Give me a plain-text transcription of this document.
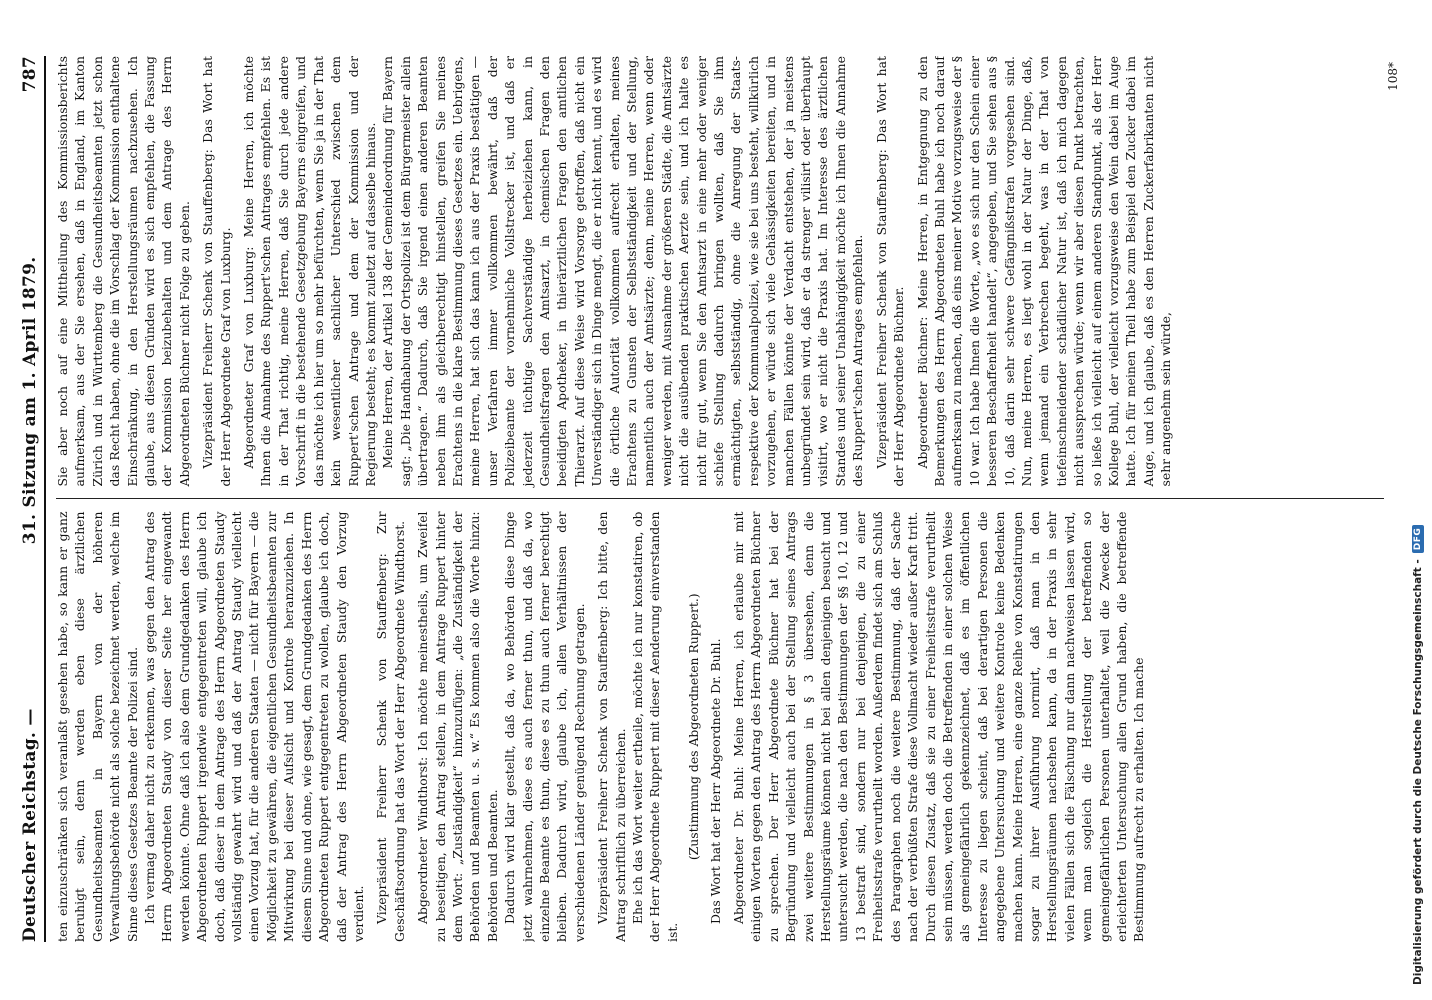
Deutscher Reichstag. —
31. Sitzung am 1. April 1879.
787

ten einzuschränken sich veranlaßt gesehen habe, so kann er ganz beruhigt sein, denn werden eben diese ärztlichen Gesundheitsbeamten in Bayern von der höheren Verwaltungsbehörde nicht als solche bezeichnet werden, welche im Sinne dieses Gesetzes Beamte der Polizei sind. Ich vermag daher nicht zu erkennen, was gegen den Antrag des Herrn Abgeordneten Staudy von dieser Seite her eingewandt werden könnte. Ohne daß ich also dem Grundgedanken des Herrn Abgeordneten Ruppert irgendwie entgegentreten will, glaube ich doch, daß dieser in dem Antrage des Herrn Abgeordneten Staudy vollständig gewahrt wird und daß der Antrag Staudy vielleicht einen Vorzug hat, für die anderen Staaten — nicht für Bayern — die Möglichkeit zu gewähren, die eigentlichen Gesundheitsbeamten zur Mitwirkung bei dieser Aufsicht und Kontrole heranzuziehen. In diesem Sinne und ohne, wie gesagt, dem Grundgedanken des Herrn Abgeordneten Ruppert entgegentreten zu wollen, glaube ich doch, daß der Antrag des Herrn Abgeordneten Staudy den Vorzug verdient. Vizepräsident Freiherr Schenk von Stauffenberg: Zur Geschäftsordnung hat das Wort der Herr Abgeordnete Windthorst. Abgeordneter Windthorst: Ich möchte meinestheils, um Zweifel zu beseitigen, den Antrag stellen, in dem Antrage Ruppert hinter dem Wort: „Zuständigkeit“ hinzuzufügen: „die Zuständigkeit der Behörden und Beamten u. s. w.“ Es kommen also die Worte hinzu: Behörden und Beamten. Dadurch wird klar gestellt, daß da, wo Behörden diese Dinge jetzt wahrnehmen, diese es auch ferner thun, und daß da, wo einzelne Beamte es thun, diese es zu thun auch ferner berechtigt bleiben. Dadurch wird, glaube ich, allen Verhältnissen der verschiedenen Länder genügend Rechnung getragen. Vizepräsident Freiherr Schenk von Stauffenberg: Ich bitte, den Antrag schriftlich zu überreichen. Ehe ich das Wort weiter ertheile, möchte ich nur konstatiren, ob der Herr Abgeordnete Ruppert mit dieser Aenderung einverstanden ist.

(Zustimmung des Abgeordneten Ruppert.) Das Wort hat der Herr Abgeordnete Dr. Buhl. Abgeordneter Dr. Buhl: Meine Herren, ich erlaube mir mit einigen Worten gegen den Antrag des Herrn Abgeordneten Büchner zu sprechen. Der Herr Abgeordnete Büchner hat bei der Begründung und vielleicht auch bei der Stellung seines Antrags zwei weitere Bestimmungen in § 3 übersehen, denn die Herstellungsräume können nicht bei allen denjenigen besucht und untersucht werden, die nach den Bestimmungen der §§ 10, 12 und 13 bestraft sind, sondern nur bei denjenigen, die zu einer Freiheitsstrafe verurtheilt worden. Außerdem findet sich am Schluß des Paragraphen noch die weitere Bestimmung, daß der Sache nach der verbüßten Strafe diese Vollmacht wieder außer Kraft tritt. Durch diesen Zusatz, daß sie zu einer Freiheitsstrafe verurtheilt sein müssen, werden doch die Betreffenden in einer solchen Weise als gemeingefährlich gekennzeichnet, daß es im öffentlichen Interesse zu liegen scheint, daß bei derartigen Personen die angegebene Untersuchung und weitere Kontrole keine Bedenken machen kann. Meine Herren, eine ganze Reihe von Konstatirungen sogar zu ihrer Ausführung normirt, daß man in den Herstellungsräumen nachsehen kann, da in der Praxis in sehr vielen Fällen sich die Fälschung nur dann nachweisen lassen wird, wenn man sogleich die Herstellung der betreffenden so gemeingefährlichen Personen unterhaltet, weil die Zwecke der erleichterten Untersuchung allen Grund haben, die betreffende Bestimmung aufrecht zu erhalten. Ich mache

Sie aber noch auf eine Mittheilung des Kommissionsberichts aufmerksam, aus der Sie ersehen, daß in England, im Kanton Zürich und in Württemberg die Gesundheitsbeamten jetzt schon das Recht haben, ohne die im Vorschlag der Kommission enthaltene Einschränkung, in den Herstellungsräumen nachzusehen. Ich glaube, aus diesen Gründen wird es sich empfehlen, die Fassung der Kommission beizubehalten und dem Antrage des Herrn Abgeordneten Büchner nicht Folge zu geben. Vizepräsident Freiherr Schenk von Stauffenberg: Das Wort hat der Herr Abgeordnete Graf von Luxburg. Abgeordneter Graf von Luxburg: Meine Herren, ich möchte Ihnen die Annahme des Ruppert'schen Antrages empfehlen. Es ist in der That richtig, meine Herren, daß Sie durch jede andere Vorschrift in die bestehende Gesetzgebung Bayerns eingreifen, und das möchte ich hier um so mehr befürchten, wenn Sie ja in der That kein wesentlicher sachlicher Unterschied zwischen dem Ruppert'schen Antrage und dem der Kommission und der Regierung besteht; es kommt zuletzt auf dasselbe hinaus. Meine Herren, der Artikel 138 der Gemeindeordnung für Bayern sagt: „Die Handhabung der Ortspolizei ist dem Bürgermeister allein übertragen.“ Dadurch, daß Sie irgend einen anderen Beamten neben ihm als gleichberechtigt hinstellen, greifen Sie meines Erachtens in die klare Bestimmung dieses Gesetzes ein. Uebrigens, meine Herren, hat sich das kann ich aus der Praxis bestätigen — unser Verfahren immer vollkommen bewährt, daß der Polizeibeamte der vornehmliche Vollstrecker ist, und daß er jederzeit tüchtige Sachverständige herbeiziehen kann, in Gesundheitsfragen den Amtsarzt, in chemischen Fragen den beeidigten Apotheker, in thierärztlichen Fragen den amtlichen Thierarzt. Auf diese Weise wird Vorsorge getroffen, daß nicht ein Unverständiger sich in Dinge mengt, die er nicht kennt, und es wird die örtliche Autorität vollkommen aufrecht erhalten, meines Erachtens zu Gunsten der Selbstständigkeit und der Stellung, namentlich auch der Amtsärzte; denn, meine Herren, wenn oder weniger werden, mit Ausnahme der größeren Städte, die Amtsärzte nicht die ausübenden praktischen Aerzte sein, und ich halte es nicht für gut, wenn Sie den Amtsarzt in eine mehr oder weniger schiefe Stellung dadurch bringen wollten, daß Sie ihm ermächtigten, selbstständig, ohne die Anregung der Staats- respektive der Kommunalpolizei, wie sie bei uns besteht, willkürlich vorzugehen, er würde sich viele Gehässigkeiten bereiten, und in manchen Fällen könnte der Verdacht entstehen, der ja meistens unbegründet sein wird, daß er da strenger vilisirt oder überhaupt visitirt, wo er nicht die Praxis hat. Im Interesse des ärztlichen Standes und seiner Unabhängigkeit möchte ich Ihnen die Annahme des Ruppert'schen Antrages empfehlen. Vizepräsident Freiherr Schenk von Stauffenberg: Das Wort hat der Herr Abgeordnete Büchner. Abgeordneter Büchner: Meine Herren, in Entgegnung zu den Bemerkungen des Herrn Abgeordneten Buhl habe ich noch darauf aufmerksam zu machen, daß eins meiner Motive vorzugsweise der § 10 war. Ich habe Ihnen die Worte, „wo es sich nur den Schein einer besseren Beschaffenheit handelt“, angegeben, und Sie sehen aus § 10, daß darin sehr schwere Gefängnißstrafen vorgesehen sind. Nun, meine Herren, es liegt wohl in der Natur der Dinge, daß, wenn jemand ein Verbrechen begeht, was in der That von tiefeinschneidender schädlicher Natur ist, daß ich mich dagegen nicht aussprechen würde; wenn wir aber diesen Punkt betrachten, so ließe ich vielleicht auf einem anderen Standpunkt, als der Herr Kollege Buhl, der vielleicht vorzugsweise den Wein dabei im Auge hatte. Ich für meinen Theil habe zum Beispiel den Zucker dabei im Auge, und ich glaube, daß es den Herren Zuckerfabrikanten nicht sehr angenehm sein würde,

108*
Digitalisierung gefördert durch die Deutsche Forschungsgemeinschaft -
DFG
